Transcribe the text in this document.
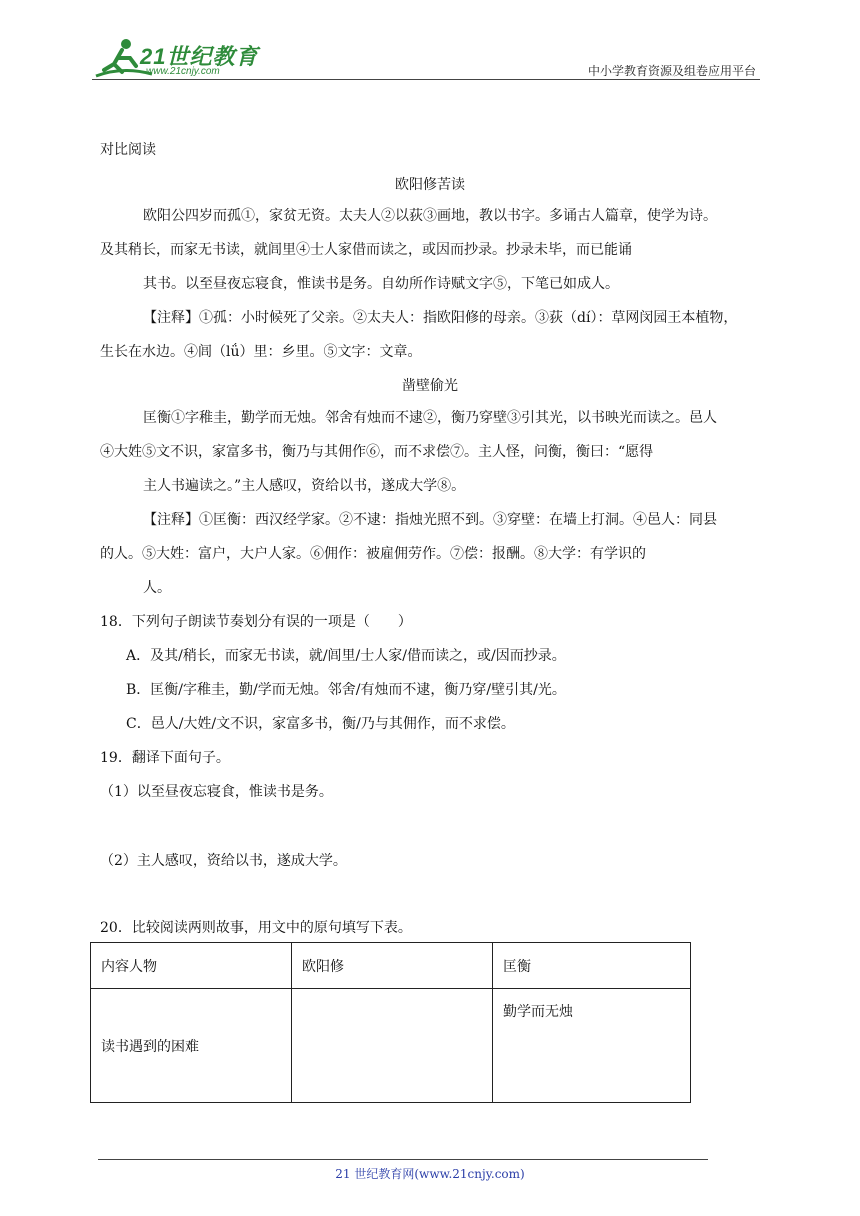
21世纪教育
www.21cnjy.com	中小学教育资源及组卷应用平台
对比阅读
欧阳修苦读
欧阳公四岁而孤①，家贫无资。太夫人②以荻③画地，教以书字。多诵古人篇章，使学为诗。
及其稍长，而家无书读，就闾里④士人家借而读之，或因而抄录。抄录未毕，而已能诵
其书。以至昼夜忘寝食，惟读书是务。自幼所作诗赋文字⑤，下笔已如成人。
【注释】①孤：小时候死了父亲。②太夫人：指欧阳修的母亲。③荻（dí）：草网闵园王本植物，
生长在水边。④闾（lǘ）里：乡里。⑤文字：文章。
凿壁偷光
匡衡①字稚圭，勤学而无烛。邻舍有烛而不逮②，衡乃穿壁③引其光，以书映光而读之。邑人
④大姓⑤文不识，家富多书，衡乃与其佣作⑥，而不求偿⑦。主人怪，问衡，衡曰：“愿得
主人书遍读之。”主人感叹，资给以书，遂成大学⑧。
【注释】①匡衡：西汉经学家。②不逮：指烛光照不到。③穿壁：在墙上打洞。④邑人：同县
的人。⑤大姓：富户，大户人家。⑥佣作：被雇佣劳作。⑦偿：报酬。⑧大学：有学识的
人。
18．下列句子朗读节奏划分有误的一项是（　　）
A．及其/稍长，而家无书读，就/闾里/士人家/借而读之，或/因而抄录。
B．匡衡/字稚圭，勤/学而无烛。邻舍/有烛而不逮，衡乃穿/壁引其/光。
C．邑人/大姓/文不识，家富多书，衡/乃与其佣作，而不求偿。
19．翻译下面句子。
（1）以至昼夜忘寝食，惟读书是务。
（2）主人感叹，资给以书，遂成大学。
20．比较阅读两则故事，用文中的原句填写下表。
内容人物	欧阳修	匡衡
读书遇到的困难		勤学而无烛
21 世纪教育网(www.21cnjy.com)
